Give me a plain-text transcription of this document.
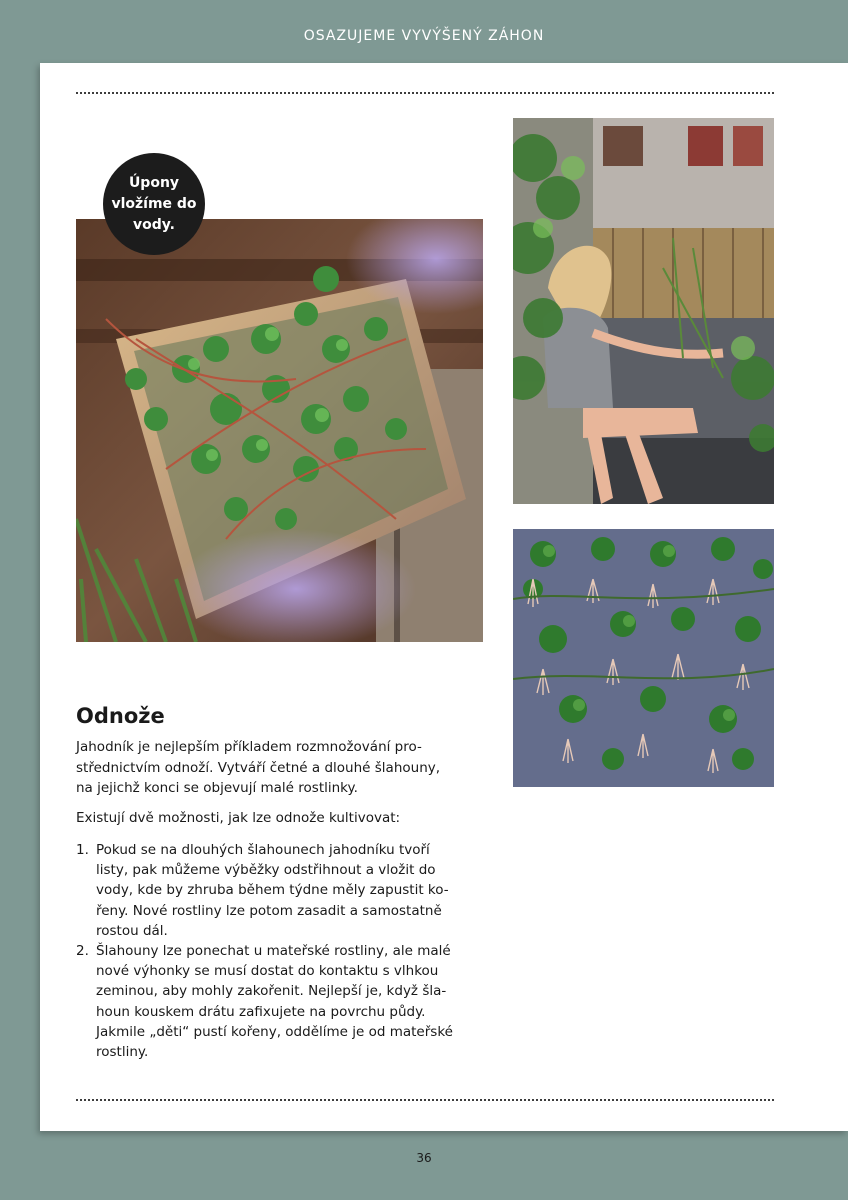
OSAZUJEME VYVÝŠENÝ ZÁHON
Úpony
vložíme do
vody.
Odnože
Jahodník je nejlepším příkladem rozmnožování pro-
střednictvím odnoží. Vytváří četné a dlouhé šlahouny,
na jejichž konci se objevují malé rostlinky.
Existují dvě možnosti, jak lze odnože kultivovat:
1. Pokud se na dlouhých šlahounech jahodníku tvoří
listy, pak můžeme výběžky odstřihnout a vložit do
vody, kde by zhruba během týdne měly zapustit ko-
řeny. Nové rostliny lze potom zasadit a samostatně
rostou dál.
2. Šlahouny lze ponechat u mateřské rostliny, ale malé
nové výhonky se musí dostat do kontaktu s vlhkou
zeminou, aby mohly zakořenit. Nejlepší je, když šla-
houn kouskem drátu zafixujete na povrchu půdy.
Jakmile „děti“ pustí kořeny, oddělíme je od mateřské
rostliny.
36
